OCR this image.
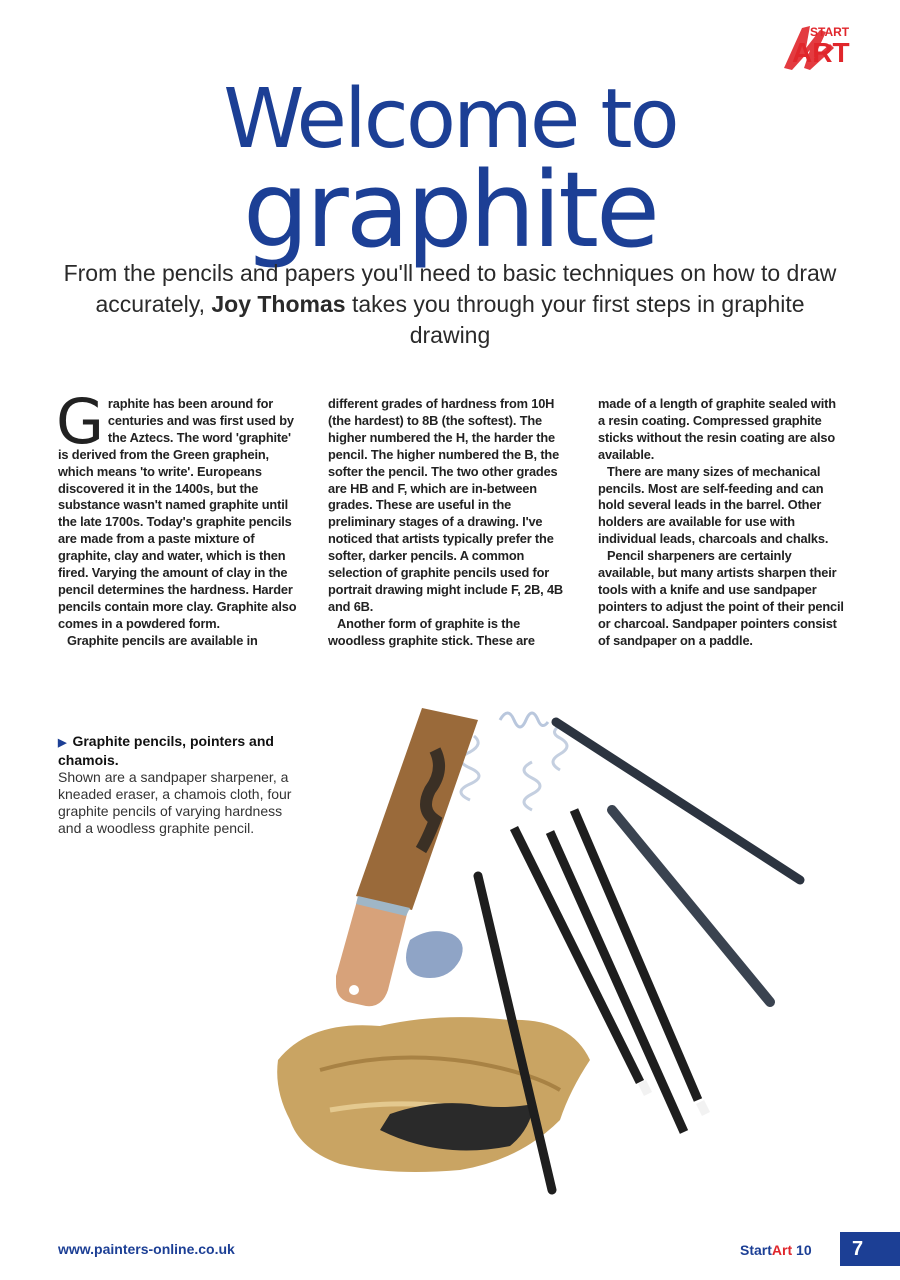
START
ART
Welcome to
graphite
From the pencils and papers you'll need to basic techniques on how to draw accurately, Joy Thomas takes you through your first steps in graphite drawing

Graphite has been around for centuries and was first used by the Aztecs. The word 'graphite' is derived from the Green graphein, which means 'to write'. Europeans discovered it in the 1400s, but the substance wasn't named graphite until the late 1700s. Today's graphite pencils are made from a paste mixture of graphite, clay and water, which is then fired. Varying the amount of clay in the pencil determines the hardness. Harder pencils contain more clay. Graphite also comes in a powdered form.

Graphite pencils are available in

different grades of hardness from 10H (the hardest) to 8B (the softest). The higher numbered the H, the harder the pencil. The higher numbered the B, the softer the pencil. The two other grades are HB and F, which are in-between grades. These are useful in the preliminary stages of a drawing. I've noticed that artists typically prefer the softer, darker pencils. A common selection of graphite pencils used for portrait drawing might include F, 2B, 4B and 6B.

Another form of graphite is the woodless graphite stick. These are

made of a length of graphite sealed with a resin coating. Compressed graphite sticks without the resin coating are also available.

There are many sizes of mechanical pencils. Most are self-feeding and can hold several leads in the barrel. Other holders are available for use with individual leads, charcoals and chalks.

Pencil sharpeners are certainly available, but many artists sharpen their tools with a knife and use sandpaper pointers to adjust the point of their pencil or charcoal. Sandpaper pointers consist of sandpaper on a paddle.

▶ Graphite pencils, pointers and chamois.

Shown are a sandpaper sharpener, a kneaded eraser, a chamois cloth, four graphite pencils of varying hardness and a woodless graphite pencil.

www.painters-online.co.uk	StartArt 10	7
